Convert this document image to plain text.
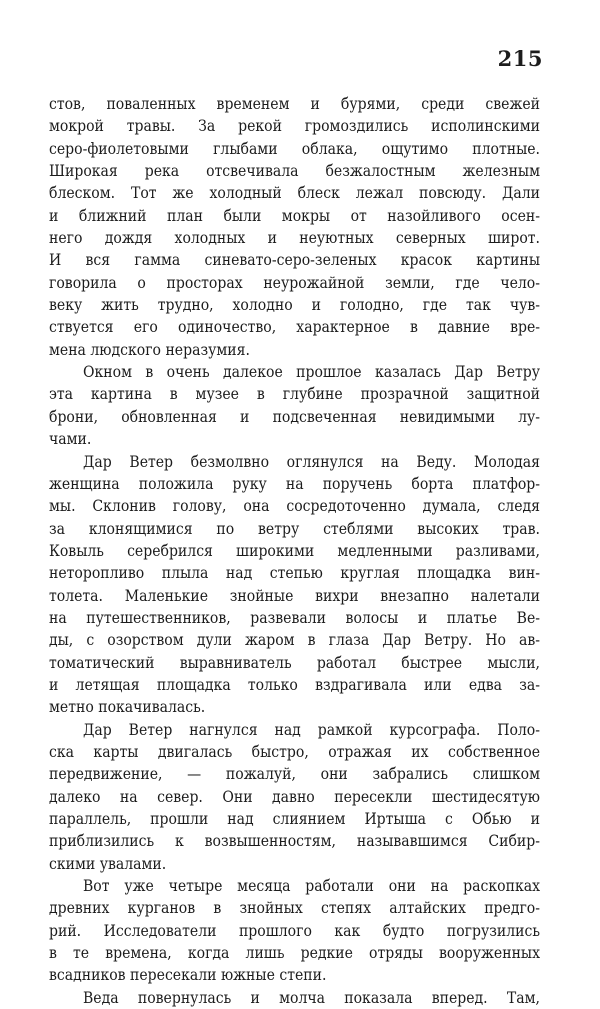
215
стов, поваленных временем и бурями, среди свежей
мокрой травы. За рекой громоздились исполинскими
серо-фиолетовыми глыбами облака, ощутимо плотные.
Широкая река отсвечивала безжалостным железным
блеском. Тот же холодный блеск лежал повсюду. Дали
и ближний план были мокры от назойливого осен-
него дождя холодных и неуютных северных широт.
И вся гамма синевато-серо-зеленых красок картины
говорила о просторах неурожайной земли, где чело-
веку жить трудно, холодно и голодно, где так чув-
ствуется его одиночество, характерное в давние вре-
мена людского неразумия.
Окном в очень далекое прошлое казалась Дар Ветру
эта картина в музее в глубине прозрачной защитной
брони, обновленная и подсвеченная невидимыми лу-
чами.
Дар Ветер безмолвно оглянулся на Веду. Молодая
женщина положила руку на поручень борта платфор-
мы. Склонив голову, она сосредоточенно думала, следя
за клонящимися по ветру стеблями высоких трав.
Ковыль серебрился широкими медленными разливами,
неторопливо плыла над степью круглая площадка вин-
толета. Маленькие знойные вихри внезапно налетали
на путешественников, развевали волосы и платье Ве-
ды, с озорством дули жаром в глаза Дар Ветру. Но ав-
томатический выравниватель работал быстрее мысли,
и летящая площадка только вздрагивала или едва за-
метно покачивалась.
Дар Ветер нагнулся над рамкой курсографа. Поло-
ска карты двигалась быстро, отражая их собственное
передвижение, — пожалуй, они забрались слишком
далеко на север. Они давно пересекли шестидесятую
параллель, прошли над слиянием Иртыша с Обью и
приблизились к возвышенностям, называвшимся Сибир-
скими увалами.
Вот уже четыре месяца работали они на раскопках
древних курганов в знойных степях алтайских предго-
рий. Исследователи прошлого как будто погрузились
в те времена, когда лишь редкие отряды вооруженных
всадников пересекали южные степи.
Веда повернулась и молча показала вперед. Там,
